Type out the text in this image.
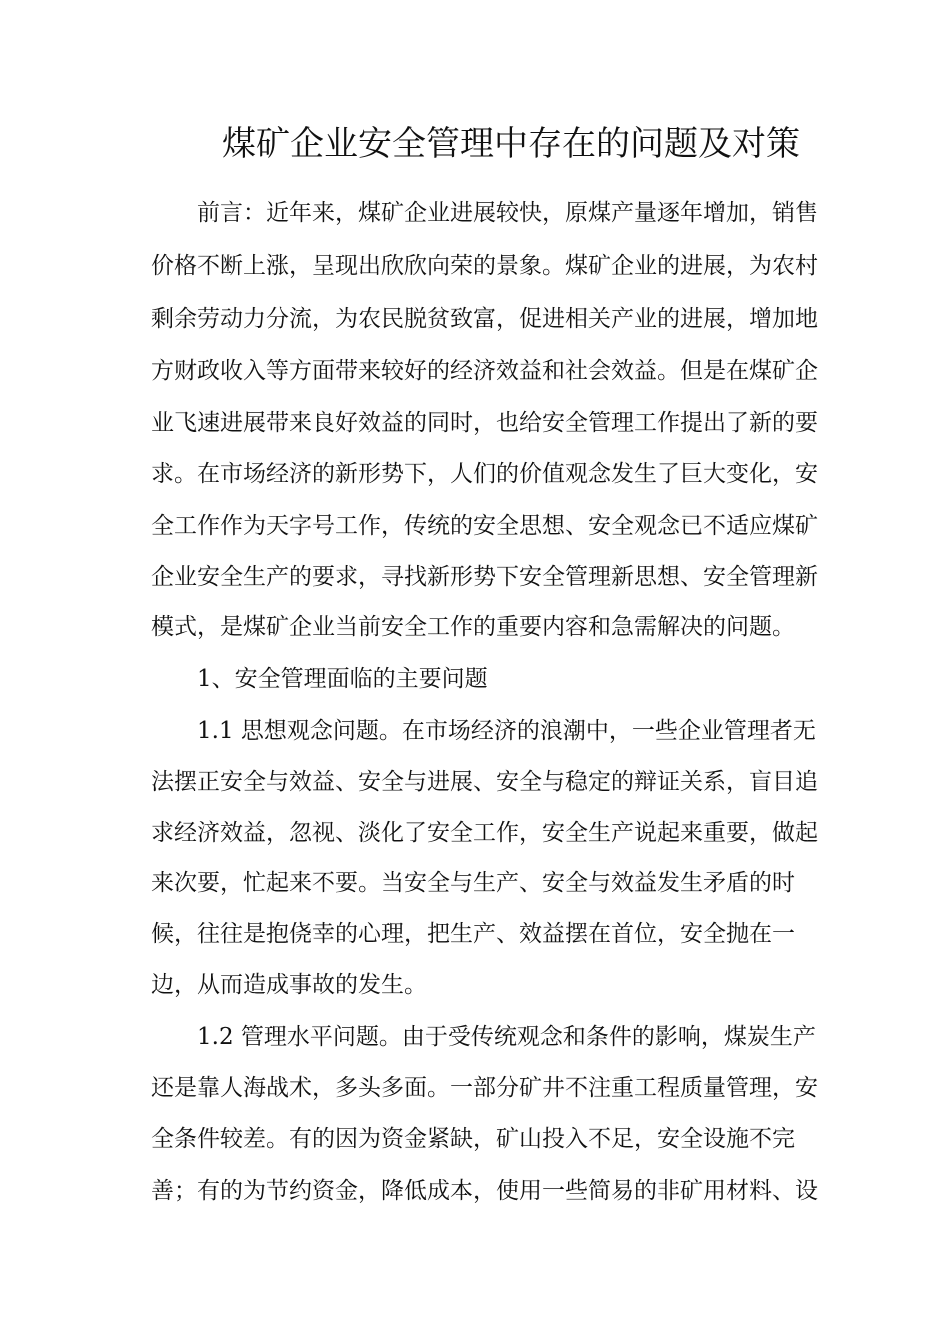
煤矿企业安全管理中存在的问题及对策

　　前言：近年来，煤矿企业进展较快，原煤产量逐年增加，销售

价格不断上涨，呈现出欣欣向荣的景象。煤矿企业的进展，为农村

剩余劳动力分流，为农民脱贫致富，促进相关产业的进展，增加地

方财政收入等方面带来较好的经济效益和社会效益。但是在煤矿企

业飞速进展带来良好效益的同时，也给安全管理工作提出了新的要

求。在市场经济的新形势下，人们的价值观念发生了巨大变化，安

全工作作为天字号工作，传统的安全思想、安全观念已不适应煤矿

企业安全生产的要求，寻找新形势下安全管理新思想、安全管理新

模式，是煤矿企业当前安全工作的重要内容和急需解决的问题。

　　1、安全管理面临的主要问题

　　1.1 思想观念问题。在市场经济的浪潮中，一些企业管理者无

法摆正安全与效益、安全与进展、安全与稳定的辩证关系，盲目追

求经济效益，忽视、淡化了安全工作，安全生产说起来重要，做起

来次要，忙起来不要。当安全与生产、安全与效益发生矛盾的时

候，往往是抱侥幸的心理，把生产、效益摆在首位，安全抛在一

边，从而造成事故的发生。

　　1.2 管理水平问题。由于受传统观念和条件的影响，煤炭生产

还是靠人海战术，多头多面。一部分矿井不注重工程质量管理，安

全条件较差。有的因为资金紧缺，矿山投入不足，安全设施不完

善；有的为节约资金，降低成本，使用一些简易的非矿用材料、设
